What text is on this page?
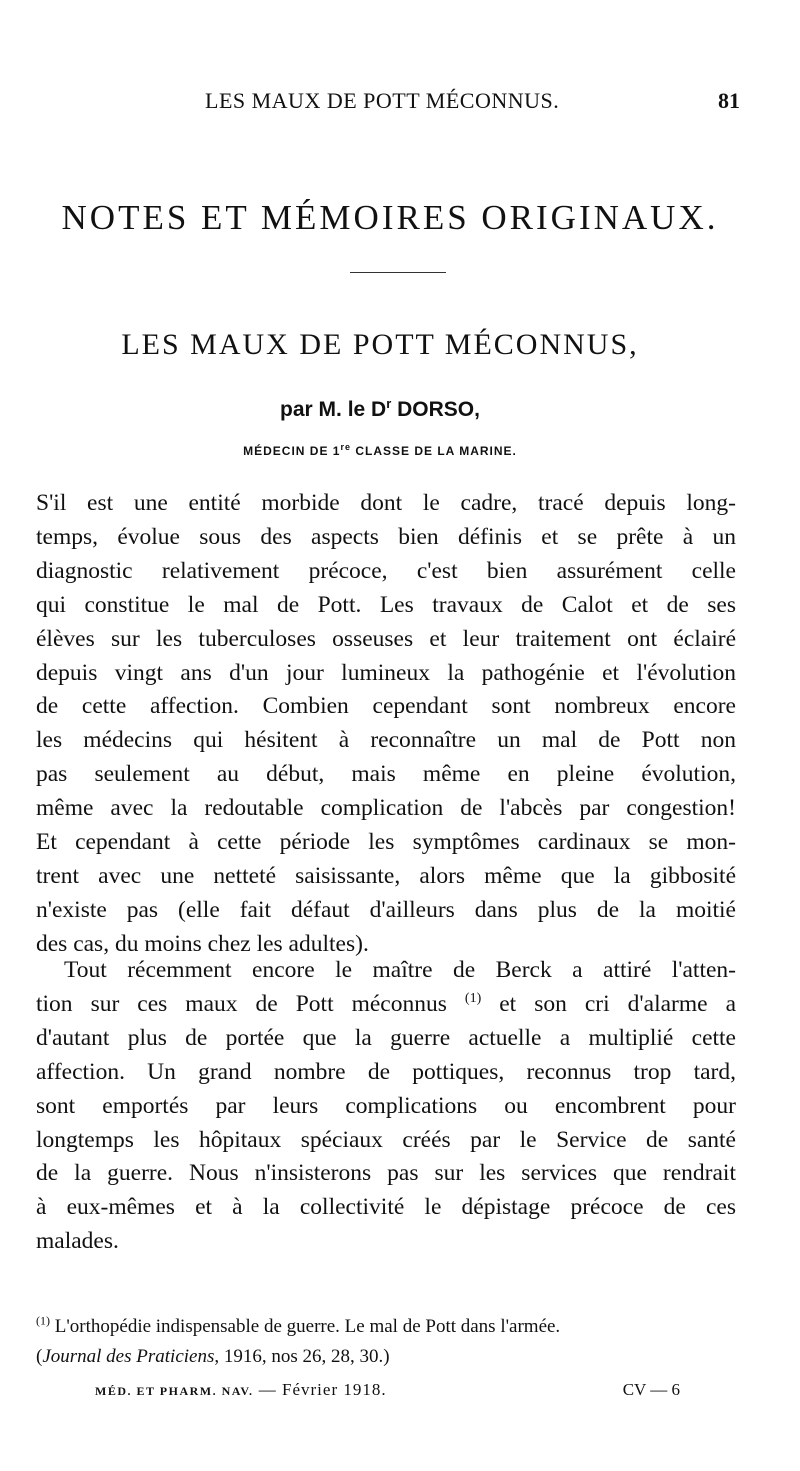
LES MAUX DE POTT MÉCONNUS.	81
NOTES ET MÉMOIRES ORIGINAUX.
LES MAUX DE POTT MÉCONNUS,
par M. le $D^r$ DORSO,
MÉDECIN DE 1re CLASSE DE LA MARINE.
S'il est une entité morbide dont le cadre, tracé depuis long-
temps, évolue sous des aspects bien définis et se prête à un
diagnostic relativement précoce, c'est bien assurément celle
qui constitue le mal de Pott. Les travaux de Calot et de ses
élèves sur les tuberculoses osseuses et leur traitement ont éclairé
depuis vingt ans d'un jour lumineux la pathogénie et l'évolution
de cette affection. Combien cependant sont nombreux encore
les médecins qui hésitent à reconnaître un mal de Pott non
pas seulement au début, mais même en pleine évolution,
même avec la redoutable complication de l'abcès par congestion!
Et cependant à cette période les symptômes cardinaux se mon-
trent avec une netteté saisissante, alors même que la gibbosité
n'existe pas (elle fait défaut d'ailleurs dans plus de la moitié
des cas, du moins chez les adultes).
Tout récemment encore le maître de Berck a attiré l'atten-
tion sur ces maux de Pott méconnus $^{(1)}$ et son cri d'alarme a
d'autant plus de portée que la guerre actuelle a multiplié cette
affection. Un grand nombre de pottiques, reconnus trop tard,
sont emportés par leurs complications ou encombrent pour
longtemps les hôpitaux spéciaux créés par le Service de santé
de la guerre. Nous n'insisterons pas sur les services que rendrait
à eux-mêmes et à la collectivité le dépistage précoce de ces
malades.
$^{(1)}$ L'orthopédie indispensable de guerre. Le mal de Pott dans l'armée.
(Journal des Praticiens, 1916, nos 26, 28, 30.)
MÉD. ET PHARM. NAV. — Février 1918.	CV — 6
